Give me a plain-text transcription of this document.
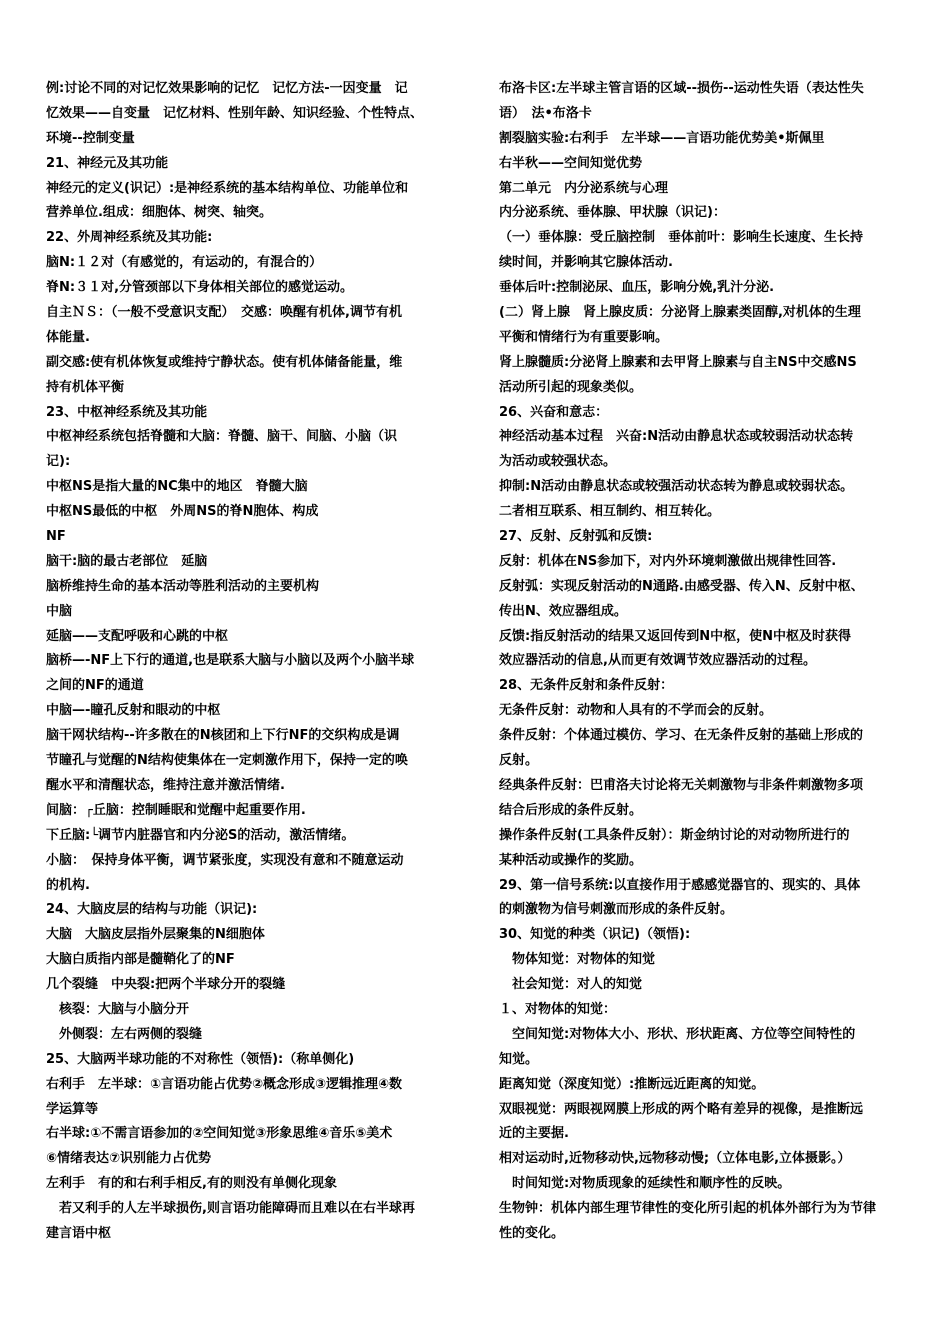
例:讨论不同的对记忆效果影响的记忆　记忆方法-一因变量　记
忆效果——自变量　记忆材料、性别年龄、知识经验、个性特点、
环境--控制变量
21、神经元及其功能
神经元的定义(识记）:是神经系统的基本结构单位、功能单位和
营养单位.组成：细胞体、树突、轴突。
22、外周神经系统及其功能:
脑N:１２对（有感觉的，有运动的，有混合的）
脊N:３１对,分管颈部以下身体相关部位的感觉运动。
自主ＮＳ：（一般不受意识支配）　交感：唤醒有机体,调节有机
体能量.
副交感:使有机体恢复或维持宁静状态。使有机体储备能量，维
持有机体平衡
23、中枢神经系统及其功能
中枢神经系统包括脊髓和大脑：脊髓、脑干、间脑、小脑（识
记):
中枢NS是指大量的NC集中的地区　脊髓大脑
中枢NS最低的中枢　外周NS的脊N胞体、构成
NF
脑干:脑的最古老部位　延脑
脑桥维持生命的基本活动等胜利活动的主要机构
中脑
延脑——支配呼吸和心跳的中枢
脑桥—-NF上下行的通道,也是联系大脑与小脑以及两个小脑半球
之间的NF的通道
中脑—-瞳孔反射和眼动的中枢
脑干网状结构--许多散在的N核团和上下行NF的交织构成是调
节瞳孔与觉醒的N结构使集体在一定刺激作用下，保持一定的唤
醒水平和清醒状态，维持注意并激活情绪.
间脑：┌丘脑：控制睡眠和觉醒中起重要作用.
下丘脑:└调节内脏器官和内分泌S的活动，激活情绪。
小脑：　保持身体平衡，调节紧张度，实现没有意和不随意运动
的机构.
24、大脑皮层的结构与功能（识记):
大脑　大脑皮层指外层聚集的N细胞体
大脑白质指内部是髓鞘化了的NF
几个裂缝　中央裂:把两个半球分开的裂缝
　核裂：大脑与小脑分开
　外侧裂：左右两侧的裂缝
25、大脑两半球功能的不对称性（领悟):（称单侧化)
右利手　左半球：①言语功能占优势②概念形成③逻辑推理④数
学运算等
右半球:①不需言语参加的②空间知觉③形象思维④音乐⑤美术
⑥情绪表达⑦识别能力占优势
左利手　有的和右利手相反,有的则没有单侧化现象
　若又利手的人左半球损伤,则言语功能障碍而且难以在右半球再
建言语中枢
布洛卡区:左半球主管言语的区域--损伤--运动性失语（表达性失
语）　法•布洛卡
割裂脑实验:右利手　左半球——言语功能优势美•斯佩里
右半秋——空间知觉优势
第二单元　内分泌系统与心理
内分泌系统、垂体腺、甲状腺（识记)：
（一）垂体腺：受丘脑控制　垂体前叶：影响生长速度、生长持
续时间，并影响其它腺体活动.
垂体后叶:控制泌尿、血压，影响分娩,乳汁分泌.
(二）肾上腺　肾上腺皮质：分泌肾上腺素类固醇,对机体的生理
平衡和情绪行为有重要影响。
肾上腺髓质:分泌肾上腺素和去甲肾上腺素与自主NS中交感NS
活动所引起的现象类似。
26、兴奋和意志：
神经活动基本过程　兴奋:N活动由静息状态或较弱活动状态转
为活动或较强状态。
抑制:N活动由静息状态或较强活动状态转为静息或较弱状态。
二者相互联系、相互制约、相互转化。
27、反射、反射弧和反馈:
反射：机体在NS参加下，对内外环境刺激做出规律性回答.
反射弧：实现反射活动的N通路.由感受器、传入N、反射中枢、
传出N、效应器组成。
反馈:指反射活动的结果又返回传到N中枢，使N中枢及时获得
效应器活动的信息,从而更有效调节效应器活动的过程。
28、无条件反射和条件反射：
无条件反射：动物和人具有的不学而会的反射。
条件反射：个体通过模仿、学习、在无条件反射的基础上形成的
反射。
经典条件反射：巴甫洛夫讨论将无关刺激物与非条件刺激物多项
结合后形成的条件反射。
操作条件反射(工具条件反射）：斯金纳讨论的对动物所进行的
某种活动或操作的奖励。
29、第一信号系统:以直接作用于感感觉器官的、现实的、具体
的刺激物为信号刺激而形成的条件反射。
30、知觉的种类（识记)（领悟):
　物体知觉：对物体的知觉
　社会知觉：对人的知觉
１、对物体的知觉：
　空间知觉:对物体大小、形状、形状距离、方位等空间特性的
知觉。
距离知觉（深度知觉）:推断远近距离的知觉。
双眼视觉：两眼视网膜上形成的两个略有差异的视像，是推断远
近的主要据.
相对运动时,近物移动快,远物移动慢;（立体电影,立体摄影。）
　时间知觉:对物质现象的延续性和顺序性的反映。
生物钟：机体内部生理节律性的变化所引起的机体外部行为为节律
性的变化。
